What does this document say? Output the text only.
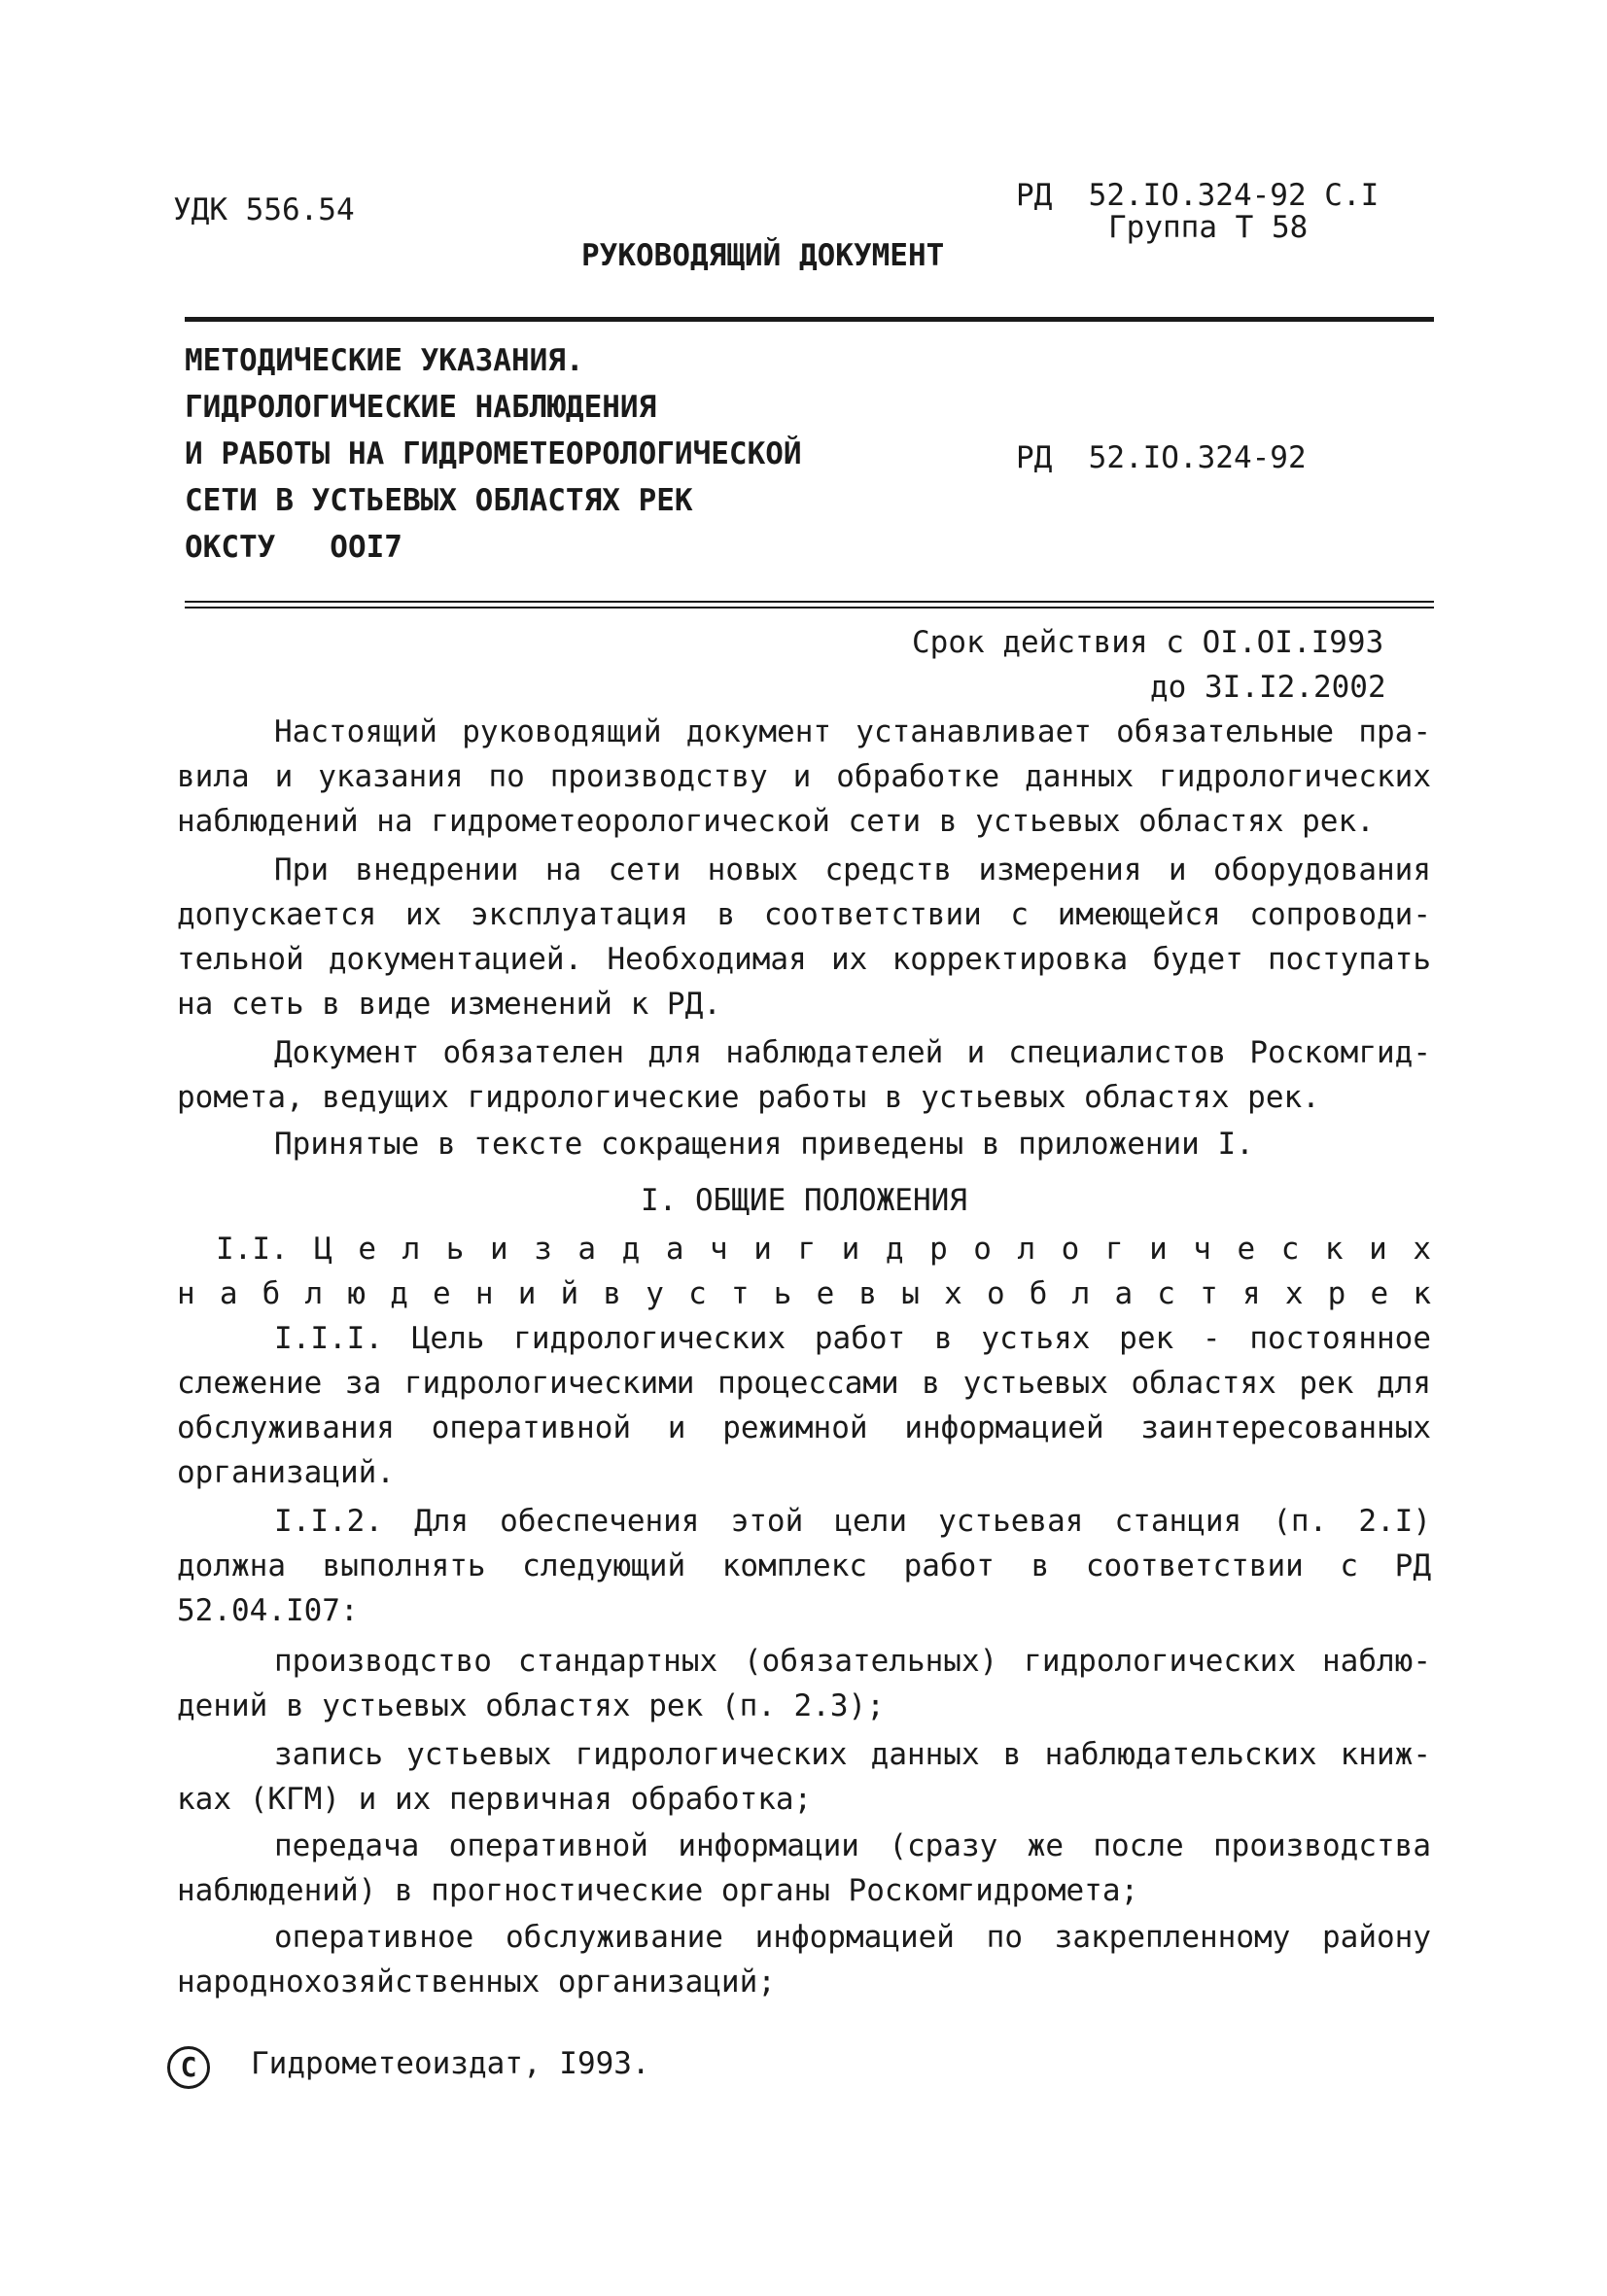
УДК 556.54	РД  52.IO.324-92 С.I
Группа Т 58
РУКОВОДЯЩИЙ ДОКУМЕНТ
МЕТОДИЧЕСКИЕ УКАЗАНИЯ.
ГИДРОЛОГИЧЕСКИЕ НАБЛЮДЕНИЯ
И РАБОТЫ НА ГИДРОМЕТЕОРОЛОГИЧЕСКОЙ
СЕТИ В УСТЬЕВЫХ ОБЛАСТЯХ РЕК
ОКСТУ   OOI7
РД  52.IO.324-92
Срок действия с OI.OI.I993
до 3I.I2.2002

Настоящий руководящий документ устанавливает обязательные пра- вила и указания по производству и обработке данных гидрологических наблюдений на гидрометеорологической сети в устьевых областях рек.

При внедрении на сети новых средств измерения и оборудования допускается их эксплуатация в соответствии с имеющейся сопроводи- тельной документацией. Необходимая их корректировка будет поступать на сеть в виде изменений к РД.

Документ обязателен для наблюдателей и специалистов Роскомгид- ромета, ведущих гидрологические работы в устьевых областях рек.

Принятые в тексте сокращения приведены в приложении I.

I. ОБЩИЕ ПОЛОЖЕНИЯ

I.I. Ц е л ь и з а д а ч и г и д р о л о г и ч е с к и х

н а б л ю д е н и й в у с т ь е в ы х о б л а с т я х р е к

I.I.I. Цель гидрологических работ в устьях рек - постоянное слежение за гидрологическими процессами в устьевых областях рек для обслуживания оперативной и режимной информацией заинтересованных организаций.

I.I.2. Для обеспечения этой цели устьевая станция (п. 2.I) должна выполнять следующий комплекс работ в соответствии с РД 52.04.I07:

производство стандартных (обязательных) гидрологических наблю- дений в устьевых областях рек (п. 2.3);

запись устьевых гидрологических данных в наблюдательских книж- ках (КГМ) и их первичная обработка;

передача оперативной информации (сразу же после производства наблюдений) в прогностические органы Роскомгидромета;

оперативное обслуживание информацией по закрепленному району народнохозяйственных организаций;

C	Гидрометеоиздат, I993.
